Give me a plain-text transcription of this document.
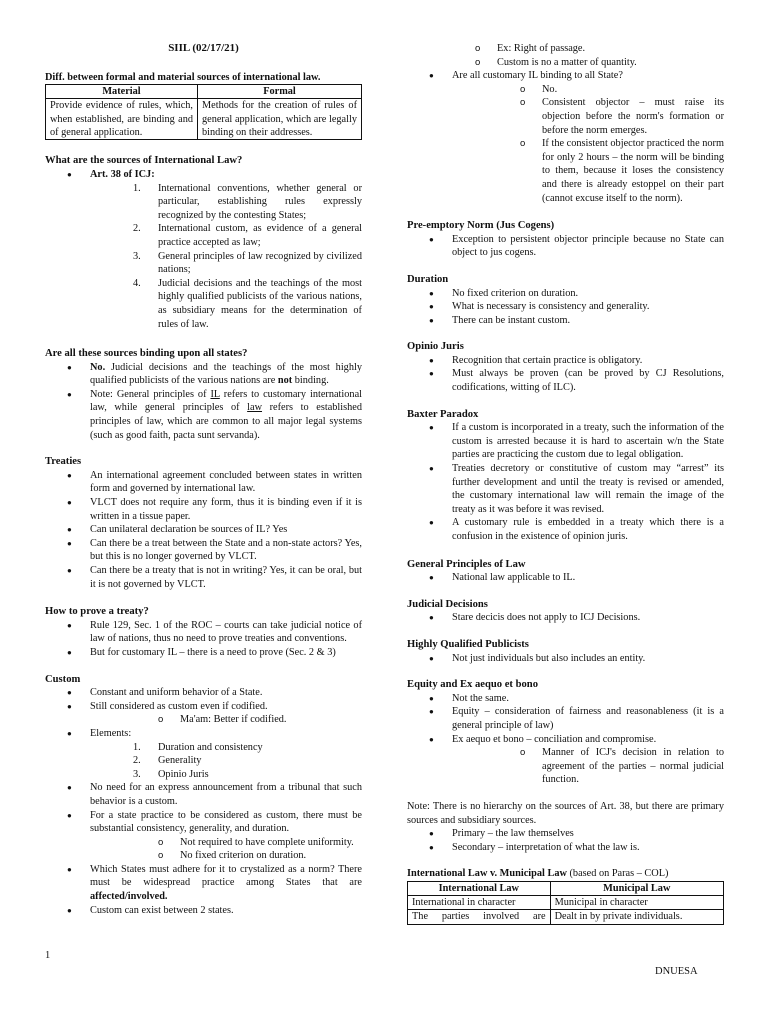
SIIL (02/17/21)

Diff. between formal and material sources of international law.

Material	Formal
Provide evidence of rules, which, when established, are binding and of general application.	Methods for the creation of rules of general application, which are legally binding on their addresses.
What are the sources of International Law?
● Art. 38 of ICJ:
1. International conventions, whether general or particular, establishing rules expressly recognized by the contesting States;
2. International custom, as evidence of a general practice accepted as law;
3. General principles of law recognized by civilized nations;
4. Judicial decisions and the teachings of the most highly qualified publicists of the various nations, as subsidiary means for the determination of rules of law.
Are all these sources binding upon all states?
● No. Judicial decisions and the teachings of the most highly qualified publicists of the various nations are not binding.
● Note: General principles of IL refers to customary international law, while general principles of law refers to established principles of law, which are common to all major legal systems (such as good faith, pacta sunt servanda).
Treaties
● An international agreement concluded between states in written form and governed by international law.
● VLCT does not require any form, thus it is binding even if it is written in a tissue paper.
● Can unilateral declaration be sources of IL? Yes
● Can there be a treat between the State and a non-state actors? Yes, but this is no longer governed by VLCT.
● Can there be a treaty that is not in writing? Yes, it can be oral, but it is not governed by VLCT.
How to prove a treaty?
● Rule 129, Sec. 1 of the ROC – courts can take judicial notice of law of nations, thus no need to prove treaties and conventions.
● But for customary IL – there is a need to prove (Sec. 2 & 3)
Custom
● Constant and uniform behavior of a State.
● Still considered as custom even if codified.
o Ma'am: Better if codified.
● Elements:
1. Duration and consistency
2. Generality
3. Opinio Juris
● No need for an express announcement from a tribunal that such behavior is a custom.
● For a state practice to be considered as custom, there must be substantial consistency, generality, and duration.
o Not required to have complete uniformity.
o No fixed criterion on duration.
● Which States must adhere for it to crystalized as a norm? There must be widespread practice among States that are affected/involved.
● Custom can exist between 2 states.
o Ex: Right of passage.
o Custom is no a matter of quantity.
● Are all customary IL binding to all State?
o No.
o Consistent objector – must raise its objection before the norm's formation or before the norm emerges.
o If the consistent objector practiced the norm for only 2 hours – the norm will be binding to them, because it loses the consistency and there is already estoppel on their part (cannot excuse itself to the norm).
Pre-emptory Norm (Jus Cogens)
● Exception to persistent objector principle because no State can object to jus cogens.
Duration
● No fixed criterion on duration.
● What is necessary is consistency and generality.
● There can be instant custom.
Opinio Juris
● Recognition that certain practice is obligatory.
● Must always be proven (can be proved by CJ Resolutions, codifications, witting of ILC).
Baxter Paradox
● If a custom is incorporated in a treaty, such the information of the custom is arrested because it is hard to ascertain w/n the State parties are practicing the custom due to legal obligation.
● Treaties decretory or constitutive of custom may “arrest” its further development and until the treaty is revised or amended, the customary international law will remain the image of the treaty as it was before it was revised.
● A customary rule is embedded in a treaty which there is a confusion in the existence of opinion juris.
General Principles of Law
● National law applicable to IL.
Judicial Decisions
● Stare decicis does not apply to ICJ Decisions.
Highly Qualified Publicists
● Not just individuals but also includes an entity.
Equity and Ex aequo et bono
● Not the same.
● Equity – consideration of fairness and reasonableness (it is a general principle of law)
● Ex aequo et bono – conciliation and compromise.
o Manner of ICJ's decision in relation to agreement of the parties – normal judicial function.
Note: There is no hierarchy on the sources of Art. 38, but there are primary sources and subsidiary sources.
● Primary – the law themselves
● Secondary – interpretation of what the law is.

International Law v. Municipal Law (based on Paras – COL)

International Law	Municipal Law
International in character	Municipal in character
The parties involved are	Dealt in by private individuals.
1
DNUESA
